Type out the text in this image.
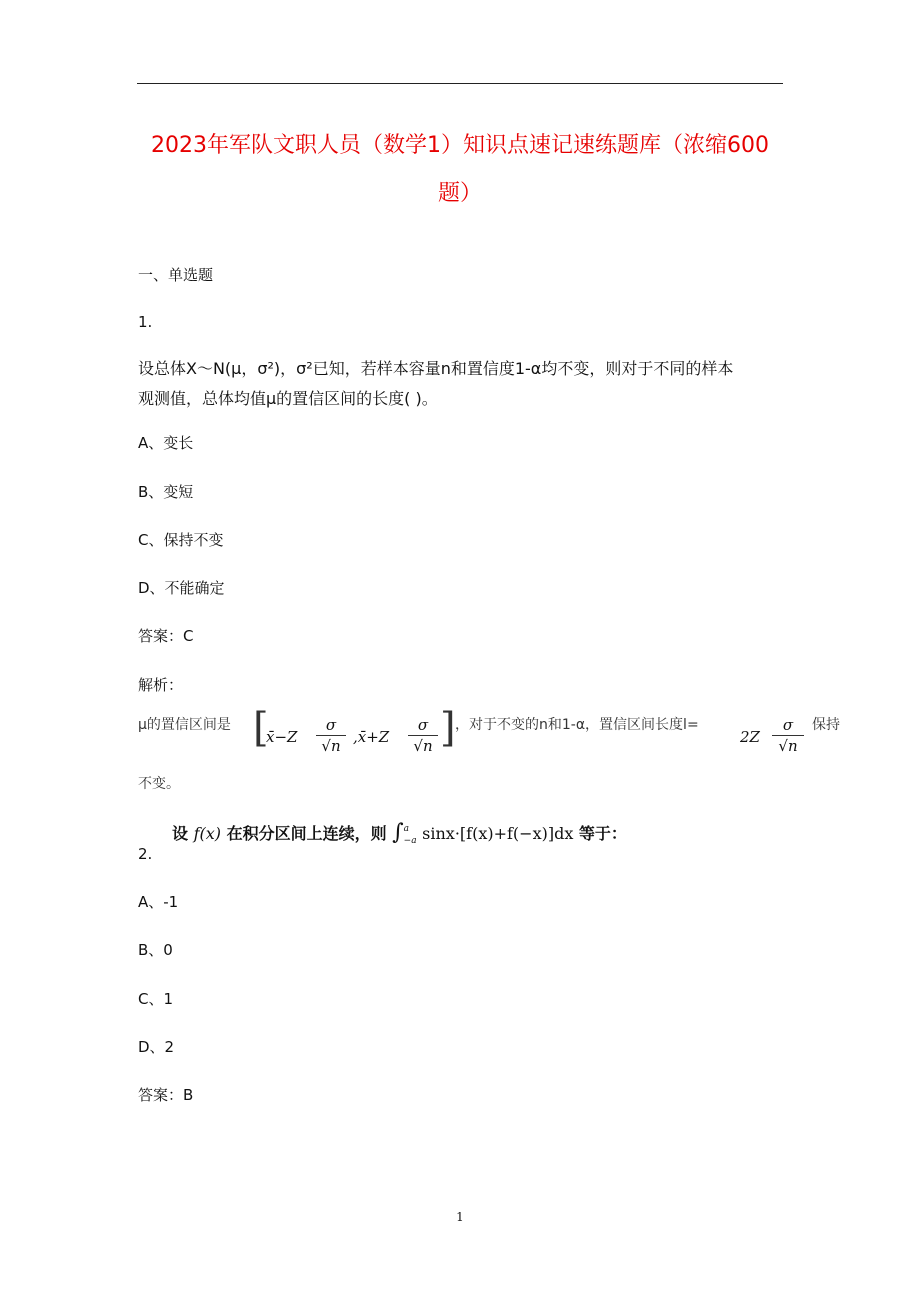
2023年军队文职人员（数学1）知识点速记速练题库（浓缩600
题）
一、单选题
1.
设总体X～N(μ，σ²)，σ²已知，若样本容量n和置信度1-α均不变，则对于不同的样本
观测值，总体均值μ的置信区间的长度( )。
A、变长
B、变短
C、保持不变
D、不能确定
答案：C
解析：
μ的置信区间是 [
x̄−Z
σ
√n ,x̄+Z
σ
√n ] ，对于不变的n和1-α，置信区间长度l=
2Z
σ
√n
保持
不变。
设 f(x) 在积分区间上连续，则 ∫ a
−a sinx·[f(x)+f(−x)]dx 等于：
2.
A、-1
B、0
C、1
D、2
答案：B
1
